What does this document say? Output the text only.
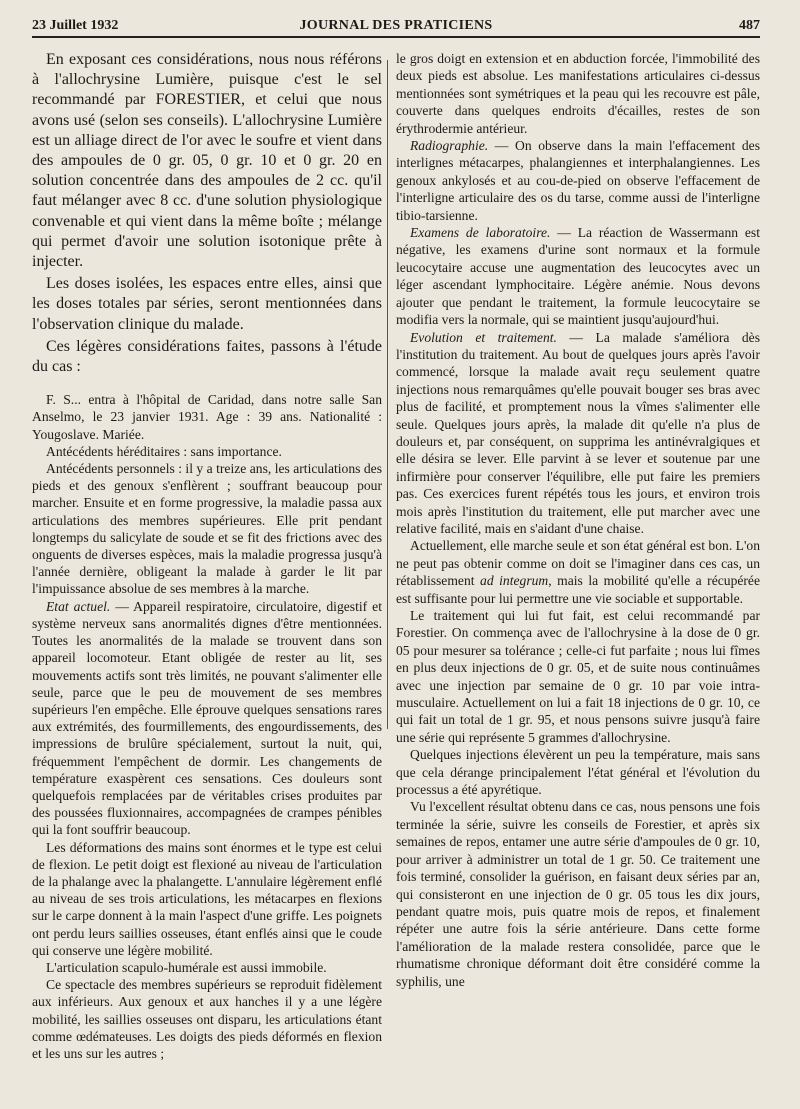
23 Juillet 1932	JOURNAL DES PRATICIENS	487

En exposant ces considérations, nous nous référons à l'allochrysine Lumière, puisque c'est le sel recommandé par FORESTIER, et celui que nous avons usé (selon ses conseils). L'allochrysine Lumière est un alliage direct de l'or avec le soufre et vient dans des ampoules de 0 gr. 05, 0 gr. 10 et 0 gr. 20 en solution concentrée dans des ampoules de 2 cc. qu'il faut mélanger avec 8 cc. d'une solution physiologique convenable et qui vient dans la même boîte ; mélange qui permet d'avoir une solution isotonique prête à injecter.

Les doses isolées, les espaces entre elles, ainsi que les doses totales par séries, seront mentionnées dans l'observation clinique du malade.

Ces légères considérations faites, passons à l'étude du cas :

F. S... entra à l'hôpital de Caridad, dans notre salle San Anselmo, le 23 janvier 1931. Age : 39 ans. Nationalité : Yougoslave. Mariée.

Antécédents héréditaires : sans importance.

Antécédents personnels : il y a treize ans, les articulations des pieds et des genoux s'enflèrent ; souffrant beaucoup pour marcher. Ensuite et en forme progressive, la maladie passa aux articulations des membres supérieures. Elle prit pendant longtemps du salicylate de soude et se fit des frictions avec des onguents de diverses espèces, mais la maladie progressa jusqu'à l'année dernière, obligeant la malade à garder le lit par l'impuissance absolue de ses membres à la marche.

Etat actuel. — Appareil respiratoire, circulatoire, digestif et système nerveux sans anormalités dignes d'être mentionnées. Toutes les anormalités de la malade se trouvent dans son appareil locomoteur. Etant obligée de rester au lit, ses mouvements actifs sont très limités, ne pouvant s'alimenter elle seule, parce que le peu de mouvement de ses membres supérieurs l'en empêche. Elle éprouve quelques sensations rares aux extrémités, des fourmillements, des engourdissements, des impressions de brulûre spécialement, surtout la nuit, qui, fréquemment l'empêchent de dormir. Les changements de température exaspèrent ces sensations. Ces douleurs sont quelquefois remplacées par de véritables crises produites par des poussées fluxionnaires, accompagnées de crampes pénibles qui la font souffrir beaucoup.

Les déformations des mains sont énormes et le type est celui de flexion. Le petit doigt est flexioné au niveau de l'articulation de la phalange avec la phalangette. L'annulaire légèrement enflé au niveau de ses trois articulations, les métacarpes en flexions sur le carpe donnent à la main l'aspect d'une griffe. Les poignets ont perdu leurs saillies osseuses, étant enflés ainsi que le coude qui conserve une légère mobilité.

L'articulation scapulo-humérale est aussi immobile.

Ce spectacle des membres supérieurs se reproduit fidèlement aux inférieurs. Aux genoux et aux hanches il y a une légère mobilité, les saillies osseuses ont disparu, les articulations étant comme œdémateuses. Les doigts des pieds déformés en flexion et les uns sur les autres ;

le gros doigt en extension et en abduction forcée, l'immobilité des deux pieds est absolue. Les manifestations articulaires ci-dessus mentionnées sont symétriques et la peau qui les recouvre est pâle, couverte dans quelques endroits d'écailles, restes de son érythrodermie antérieur.

Radiographie. — On observe dans la main l'effacement des interlignes métacarpes, phalangiennes et interphalangiennes. Les genoux ankylosés et au cou-de-pied on observe l'effacement de l'interligne articulaire des os du tarse, comme aussi de l'interligne tibio-tarsienne.

Examens de laboratoire. — La réaction de Wassermann est négative, les examens d'urine sont normaux et la formule leucocytaire accuse une augmentation des leucocytes avec un léger ascendant lymphocitaire. Légère anémie. Nous devons ajouter que pendant le traitement, la formule leucocytaire se modifia vers la normale, qui se maintient jusqu'aujourd'hui.

Evolution et traitement. — La malade s'améliora dès l'institution du traitement. Au bout de quelques jours après l'avoir commencé, lorsque la malade avait reçu seulement quatre injections nous remarquâmes qu'elle pouvait bouger ses bras avec plus de facilité, et promptement nous la vîmes s'alimenter elle seule. Quelques jours après, la malade dit qu'elle n'a plus de douleurs et, par conséquent, on supprima les antinévralgiques et elle désira se lever. Elle parvint à se lever et soutenue par une infirmière pour conserver l'équilibre, elle put faire les premiers pas. Ces exercices furent répétés tous les jours, et environ trois mois après l'institution du traitement, elle put marcher avec une relative facilité, mais en s'aidant d'une chaise.

Actuellement, elle marche seule et son état général est bon. L'on ne peut pas obtenir comme on doit se l'imaginer dans ces cas, un rétablissement ad integrum, mais la mobilité qu'elle a récupérée est suffisante pour lui permettre une vie sociable et supportable.

Le traitement qui lui fut fait, est celui recommandé par Forestier. On commença avec de l'allochrysine à la dose de 0 gr. 05 pour mesurer sa tolérance ; celle-ci fut parfaite ; nous lui fîmes en plus deux injections de 0 gr. 05, et de suite nous continuâmes avec une injection par semaine de 0 gr. 10 par voie intra-musculaire. Actuellement on lui a fait 18 injections de 0 gr. 10, ce qui fait un total de 1 gr. 95, et nous pensons suivre jusqu'à faire une série qui représente 5 grammes d'allochrysine.

Quelques injections élevèrent un peu la température, mais sans que cela dérange principalement l'état général et l'évolution du processus a été apyrétique.

Vu l'excellent résultat obtenu dans ce cas, nous pensons une fois terminée la série, suivre les conseils de Forestier, et après six semaines de repos, entamer une autre série d'ampoules de 0 gr. 10, pour arriver à administrer un total de 1 gr. 50. Ce traitement une fois terminé, consolider la guérison, en faisant deux séries par an, qui consisteront en une injection de 0 gr. 05 tous les dix jours, pendant quatre mois, puis quatre mois de repos, et finalement répéter une autre fois la série antérieure. Dans cette forme l'amélioration de la malade restera consolidée, parce que le rhumatisme chronique déformant doit être considéré comme la syphilis, une
